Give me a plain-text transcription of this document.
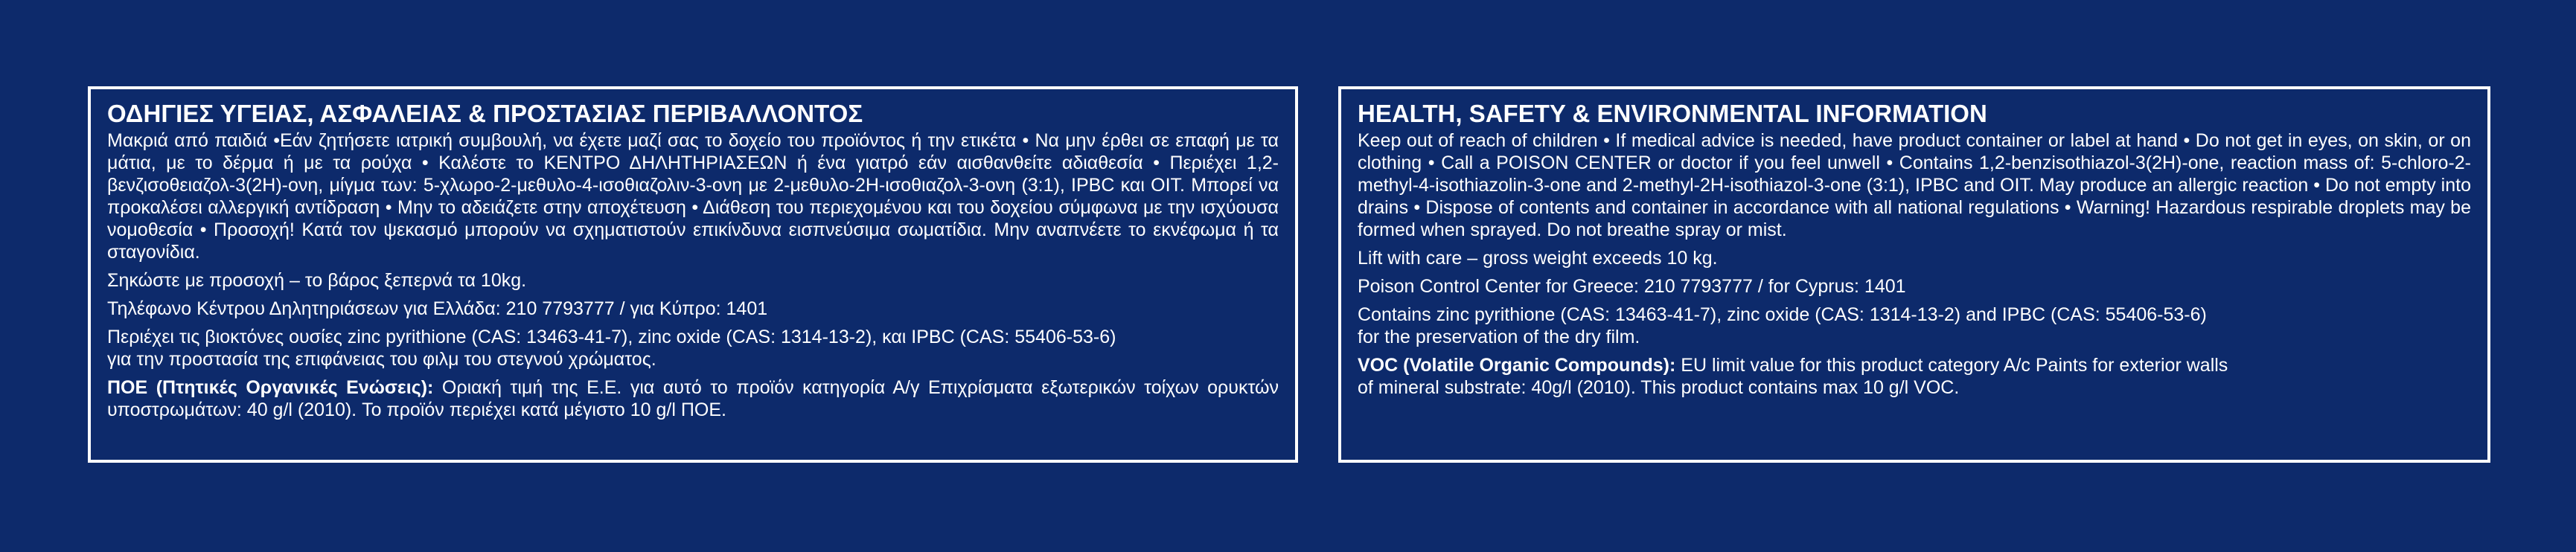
ΟΔΗΓΙΕΣ ΥΓΕΙΑΣ, ΑΣΦΑΛΕΙΑΣ & ΠΡΟΣΤΑΣΙΑΣ ΠΕΡΙΒΑΛΛΟΝΤΟΣ

Μακριά από παιδιά •Εάν ζητήσετε ιατρική συμβουλή, να έχετε μαζί σας το δοχείο του προϊόντος ή την ετικέτα • Να μην έρθει σε επαφή με τα μάτια, με το δέρμα ή με τα ρούχα • Καλέστε το ΚΕΝΤΡΟ ΔΗΛΗΤΗΡΙΑΣΕΩΝ ή ένα γιατρό εάν αισθανθείτε αδιαθεσία • Περιέχει 1,2-βενζισοθειαζολ-3(2Η)-ονη, μίγμα των: 5-χλωρο-2-μεθυλο-4-ισοθιαζολιν-3-ονη με 2-μεθυλο-2Η-ισοθιαζολ-3-ονη (3:1), IPBC και OIT. Μπορεί να προκαλέσει αλλεργική αντίδραση • Μην το αδειάζετε στην αποχέτευση • Διάθεση του περιεχομένου και του δοχείου σύμφωνα με την ισχύουσα νομοθεσία • Προσοχή! Κατά τον ψεκασμό μπορούν να σχηματιστούν επικίνδυνα εισπνεύσιμα σωματίδια. Μην αναπνέετε το εκνέφωμα ή τα σταγονίδια.

Σηκώστε με προσοχή – το βάρος ξεπερνά τα 10kg.

Τηλέφωνο Κέντρου Δηλητηριάσεων για Ελλάδα: 210 7793777 / για Κύπρο: 1401

Περιέχει τις βιοκτόνες ουσίες zinc pyrithione (CAS: 13463-41-7), zinc oxide (CAS: 1314-13-2), και IPBC (CAS: 55406-53-6)
για την προστασία της επιφάνειας του φιλμ του στεγνού χρώματος.

ΠΟΕ (Πτητικές Οργανικές Ενώσεις): Οριακή τιμή της Ε.Ε. για αυτό το προϊόν κατηγορία Α/γ Επιχρίσματα εξωτερικών τοίχων ορυκτών υποστρωμάτων: 40 g/l (2010). Το προϊόν περιέχει κατά μέγιστο 10 g/l ΠΟΕ.

HEALTH, SAFETY & ENVIRONMENTAL INFORMATION

Keep out of reach of children • If medical advice is needed, have product container or label at hand • Do not get in eyes, on skin, or on clothing • Call a POISON CENTER or doctor if you feel unwell • Contains 1,2-benzisothiazol-3(2H)-one, reaction mass of: 5-chloro-2-methyl-4-isothiazolin-3-one and 2-methyl-2H-isothiazol-3-one (3:1), IPBC and OIT. May produce an allergic reaction • Do not empty into drains • Dispose of contents and container in accordance with all national regulations • Warning! Hazardous respirable droplets may be formed when sprayed. Do not breathe spray or mist.

Lift with care – gross weight exceeds 10 kg.

Poison Control Center for Greece: 210 7793777 / for Cyprus: 1401

Contains zinc pyrithione (CAS: 13463-41-7), zinc oxide (CAS: 1314-13-2) and IPBC (CAS: 55406-53-6)
for the preservation of the dry film.

VOC (Volatile Organic Compounds): EU limit value for this product category A/c Paints for exterior walls
of mineral substrate: 40g/l (2010). This product contains max 10 g/l VOC.
